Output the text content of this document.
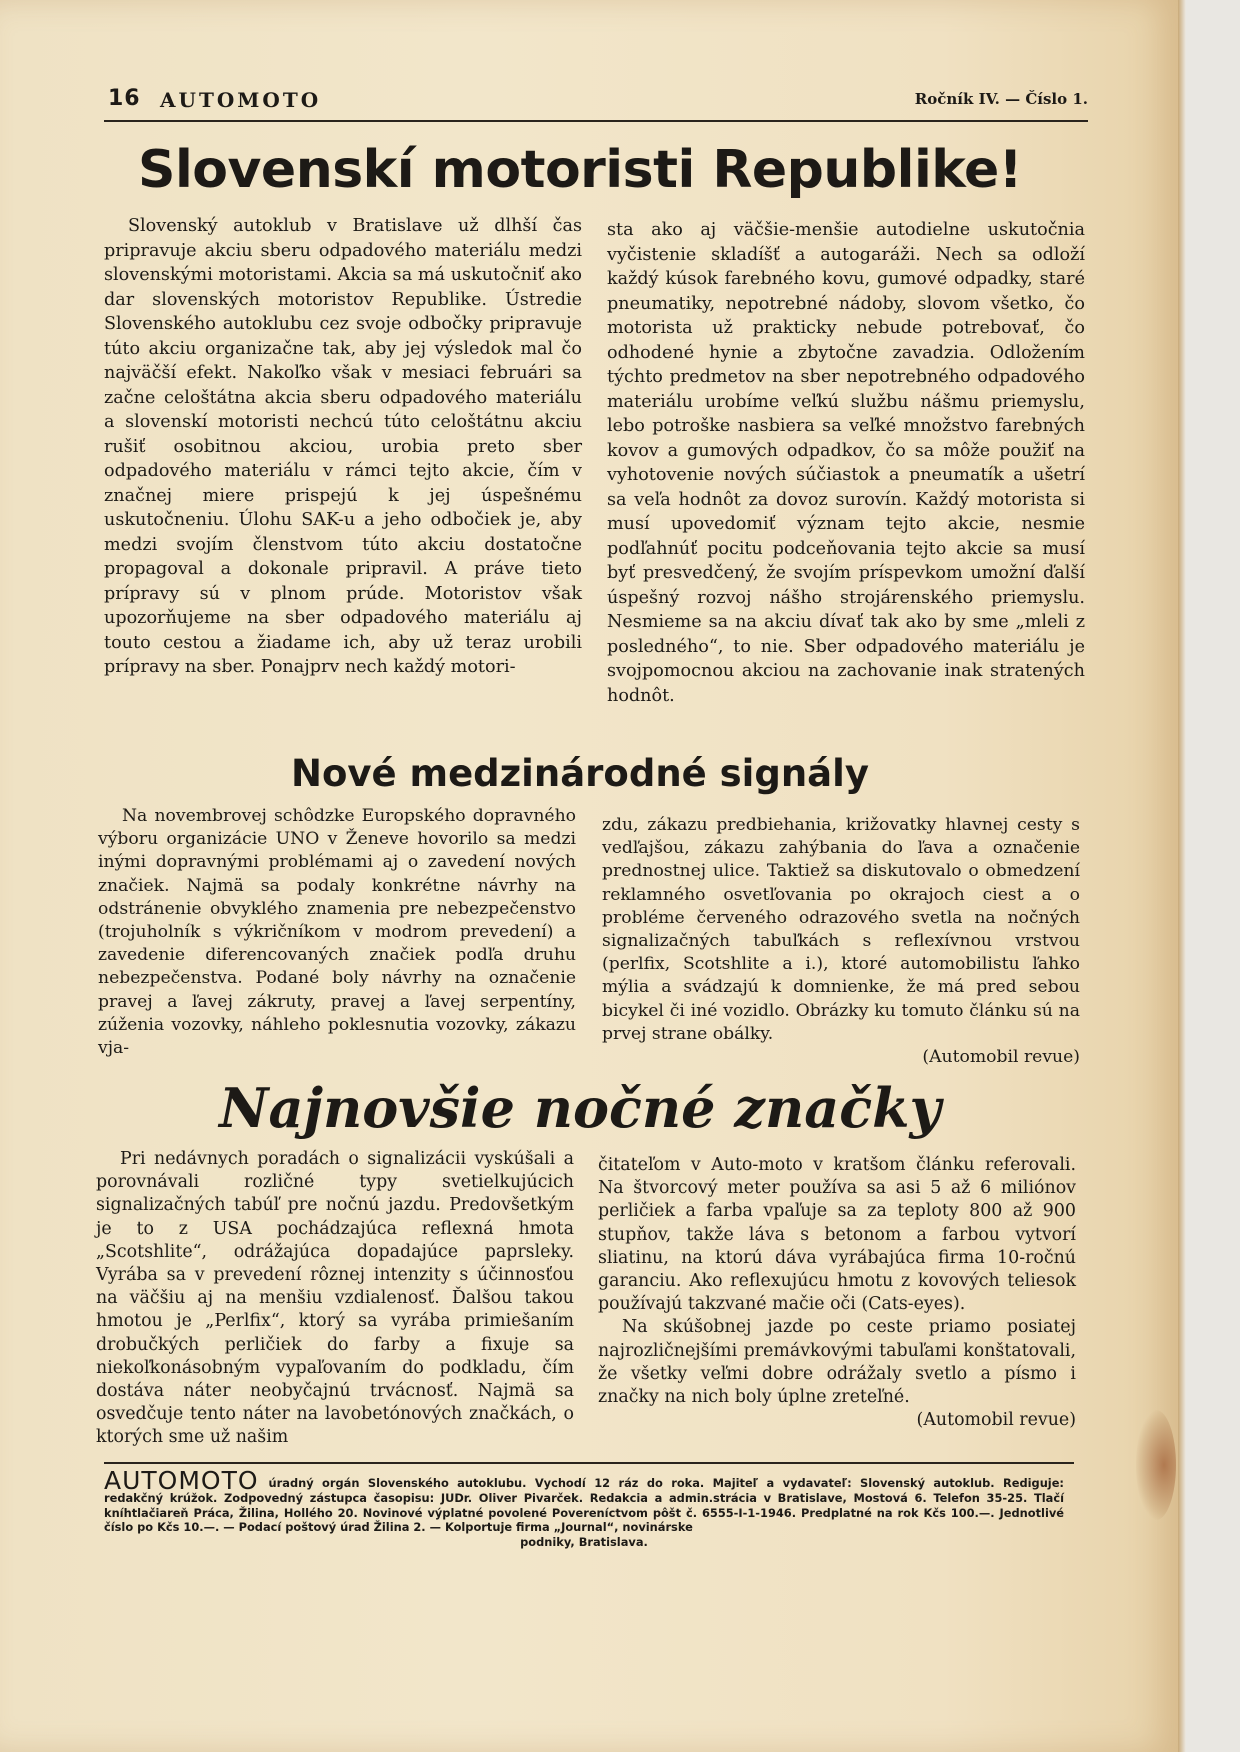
16 AUTOMOTO	Ročník IV. — Číslo 1.
Slovenskí motoristi Republike!

Slovenský autoklub v Bratislave už dlhší čas pripravuje akciu sberu odpadového materiálu medzi slovenskými motoristami. Akcia sa má uskutočniť ako dar slovenských motoristov Republike. Ústredie Slovenského autoklubu cez svoje odbočky pripravuje túto akciu organizačne tak, aby jej výsledok mal čo najväčší efekt. Nakoľko však v mesiaci februári sa začne celoštátna akcia sberu odpadového materiálu a slovenskí motoristi nechcú túto celoštátnu akciu rušiť osobitnou akciou, urobia preto sber odpadového materiálu v rámci tejto akcie, čím v značnej miere prispejú k jej úspešnému uskutočneniu. Úlohu SAK-u a jeho odbočiek je, aby medzi svojím členstvom túto akciu dostatočne propagoval a dokonale pripravil. A práve tieto prípravy sú v plnom prúde. Motoristov však upozorňujeme na sber odpadového materiálu aj touto cestou a žiadame ich, aby už teraz urobili prípravy na sber. Ponajprv nech každý motori-

sta ako aj väčšie-menšie autodielne uskutočnia vyčistenie skladíšť a autogaráži. Nech sa odloží každý kúsok farebného kovu, gumové odpadky, staré pneumatiky, nepotrebné nádoby, slovom všetko, čo motorista už prakticky nebude potrebovať, čo odhodené hynie a zbytočne zavadzia. Odložením týchto predmetov na sber nepotrebného odpadového materiálu urobíme veľkú službu nášmu priemyslu, lebo potroške nasbiera sa veľké množstvo farebných kovov a gumových odpadkov, čo sa môže použiť na vyhotovenie nových súčiastok a pneumatík a ušetrí sa veľa hodnôt za dovoz surovín. Každý motorista si musí upovedomiť význam tejto akcie, nesmie podľahnúť pocitu podceňovania tejto akcie sa musí byť presvedčený, že svojím príspevkom umožní ďalší úspešný rozvoj nášho strojárenského priemyslu. Nesmieme sa na akciu dívať tak ako by sme „mleli z posledného“, to nie. Sber odpadového materiálu je svojpomocnou akciou na zachovanie inak stratených hodnôt.

Nové medzinárodné signály

Na novembrovej schôdzke Europského dopravného výboru organizácie UNO v Ženeve hovorilo sa medzi inými dopravnými problémami aj o zavedení nových značiek. Najmä sa podaly konkrétne návrhy na odstránenie obvyklého znamenia pre nebezpečenstvo (trojuholník s výkričníkom v modrom prevedení) a zavedenie diferencovaných značiek podľa druhu nebezpečenstva. Podané boly návrhy na označenie pravej a ľavej zákruty, pravej a ľavej serpentíny, zúženia vozovky, náhleho poklesnutia vozovky, zákazu vja-

zdu, zákazu predbiehania, križovatky hlavnej cesty s vedľajšou, zákazu zahýbania do ľava a označenie prednostnej ulice. Taktiež sa diskutovalo o obmedzení reklamného osvetľovania po okrajoch ciest a o probléme červeného odrazového svetla na nočných signalizačných tabuľkách s reflexívnou vrstvou (perlfix, Scotshlite a i.), ktoré automobilistu ľahko mýlia a svádzajú k domnienke, že má pred sebou bicykel či iné vozidlo. Obrázky ku tomuto článku sú na prvej strane obálky.

(Automobil revue)
Najnovšie nočné značky

Pri nedávnych poradách o signalizácii vyskúšali a porovnávali rozličné typy svetielkujúcich signalizačných tabúľ pre nočnú jazdu. Predovšetkým je to z USA pochádzajúca reflexná hmota „Scotshlite“, odrážajúca dopadajúce paprsleky. Vyrába sa v prevedení rôznej intenzity s účinnosťou na väčšiu aj na menšiu vzdialenosť. Ďalšou takou hmotou je „Perlfix“, ktorý sa vyrába primiešaním drobučkých perličiek do farby a fixuje sa niekoľkonásobným vypaľovaním do podkladu, čím dostáva náter neobyčajnú trvácnosť. Najmä sa osvedčuje tento náter na lavobetónových značkách, o ktorých sme už našim

čitateľom v Auto-moto v kratšom článku referovali. Na štvorcový meter používa sa asi 5 až 6 miliónov perličiek a farba vpaľuje sa za teploty 800 až 900 stupňov, takže láva s betonom a farbou vytvorí sliatinu, na ktorú dáva vyrábajúca firma 10-ročnú garanciu. Ako reflexujúcu hmotu z kovových teliesok používajú takzvané mačie oči (Cats-eyes).

Na skúšobnej jazde po ceste priamo posiatej najrozličnejšími premávkovými tabuľami konštatovali, že všetky veľmi dobre odrážaly svetlo a písmo i značky na nich boly úplne zreteľné.

(Automobil revue)
AUTOMOTO úradný orgán Slovenského autoklubu. Vychodí 12 ráz do roka. Majiteľ a vydavateľ: Slovenský autoklub. Rediguje: redakčný krúžok. Zodpovedný zástupca časopisu: JUDr. Oliver Pivarček. Redakcia a admin.strácia v Bratislave, Mostová 6. Telefon 35-25. Tlačí kníhtlačiareň Práca, Žilina, Hollého 20. Novinové výplatné povolené Povereníctvom pôšt č. 6555-I-1-1946. Predplatné na rok Kčs 100.—. Jednotlivé číslo po Kčs 10.—. — Podací poštový úrad Žilina 2. — Kolportuje firma „Journal“, novinárske
podniky, Bratislava.
